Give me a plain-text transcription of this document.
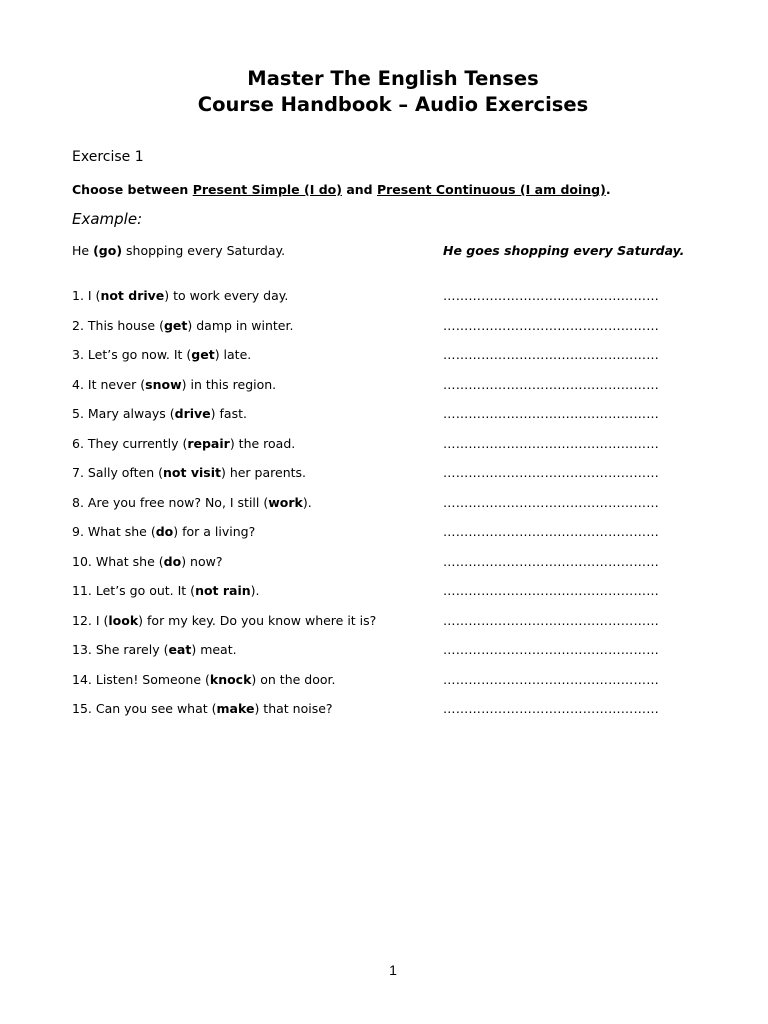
Master The English Tenses
Course Handbook – Audio Exercises
Exercise 1
Choose between Present Simple (I do) and Present Continuous (I am doing).
Example:
He (go) shopping every Saturday.	He goes shopping every Saturday.
1. I (not drive) to work every day.	……………………………………………
2. This house (get) damp in winter.	……………………………………………
3. Let’s go now. It (get) late.	……………………………………………
4. It never (snow) in this region.	……………………………………………
5. Mary always (drive) fast.	……………………………………………
6. They currently (repair) the road.	……………………………………………
7. Sally often (not visit) her parents.	……………………………………………
8. Are you free now? No, I still (work).	……………………………………………
9. What she (do) for a living?	……………………………………………
10. What she (do) now?	……………………………………………
11. Let’s go out. It (not rain).	……………………………………………
12. I (look) for my key. Do you know where it is?	……………………………………………
13. She rarely (eat) meat.	……………………………………………
14. Listen! Someone (knock) on the door.	……………………………………………
15. Can you see what (make) that noise?	……………………………………………
1
